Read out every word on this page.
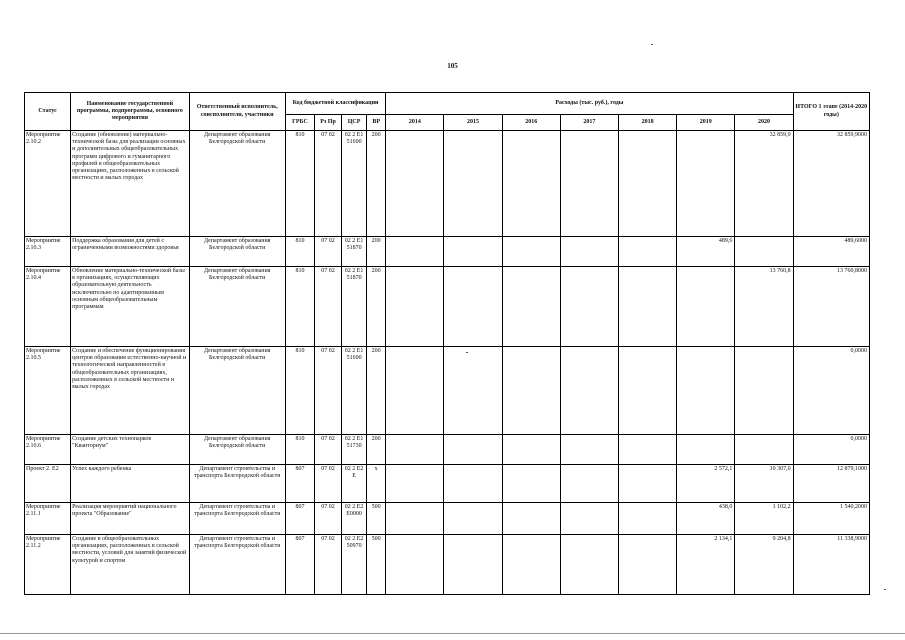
105
Статус	Наименование государственной программы, подпрограммы, основного мероприятия	Ответственный исполнитель, соисполнители, участники	Код бюджетной классификации				Расходы (тыс. руб.), годы							ИТОГО 1 этапе (2014-2020 годы)
			ГРБС	Рз Пр	ЦСР	ВР	2014	2015	2016	2017	2018	2019	2020	
Мероприятие 2.10.2	Создание (обновление) материально-технической базы для реализации основных и дополнительных общеобразовательных программ цифрового и гуманитарного профилей в общеобразовательных организациях, расположенных в сельской местности и малых городах	Департамент образования Белгородской области	810	07 02	02 2 E1 51690	200							32 859,9	32 859,9000
Мероприятие 2.10.3	Поддержка образования для детей с ограниченными возможностями здоровья	Департамент образования Белгородской области	810	07 02	02 2 E1 51870	200						489,6		489,6000
Мероприятие 2.10.4	Обновление материально-технической базы в организациях, осуществляющих образовательную деятельность исключительно по адаптированным основным общеобразовательным программам	Департамент образования Белгородской области	810	07 02	02 2 E1 51870	200							13 760,8	13 760,8000
Мероприятие 2.10.5	Создание и обеспечение функционирования центров образования естественно-научной и технологической направленностей в общеобразовательных организациях, расположенных в сельской местности и малых городах	Департамент образования Белгородской области	810	07 02	02 2 E1 51690	200								0,0000
Мероприятие 2.10.6	Создание детских технопарков "Кванториум"	Департамент образования Белгородской области	810	07 02	02 2 E1 51730	200								0,0000
Проект 2. E2	Успех каждого ребенка	Департамент строительства и транспорта Белгородской области	807	07 02	02 2 E2 E	x						2 572,1	10 307,0	12 879,1000
Мероприятие 2.11.1	Реализация мероприятий национального проекта "Образование"	Департамент строительства и транспорта Белгородской области	807	07 02	02 2 E2 E0000	500						438,0	1 102,2	1 540,2000
Мероприятие 2.11.2	Создание в общеобразовательных организациях, расположенных в сельской местности, условий для занятий физической культурой и спортом	Департамент строительства и транспорта Белгородской области	807	07 02	02 2 E2 50970	500						2 134,1	9 204,8	11 338,9000
